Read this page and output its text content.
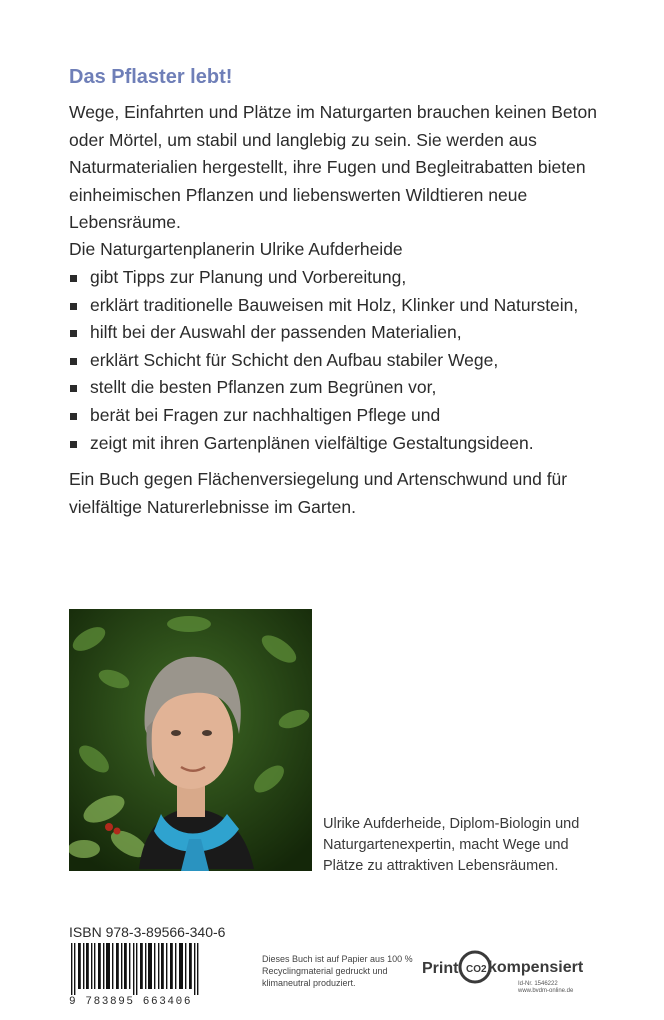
Das Pflaster lebt!

Wege, Einfahrten und Plätze im Naturgarten brauchen keinen Beton oder Mörtel, um stabil und langlebig zu sein. Sie werden aus Naturmaterialien hergestellt, ihre Fugen und Begleitrabatten bieten einheimischen Pflanzen und liebenswerten Wildtieren neue Lebensräume.

Die Naturgartenplanerin Ulrike Aufderheide

gibt Tipps zur Planung und Vorbereitung,
erklärt traditionelle Bauweisen mit Holz, Klinker und Naturstein,
hilft bei der Auswahl der passenden Materialien,
erklärt Schicht für Schicht den Aufbau stabiler Wege,
stellt die besten Pflanzen zum Begrünen vor,
berät bei Fragen zur nachhaltigen Pflege und
zeigt mit ihren Gartenplänen vielfältige Gestaltungsideen.

Ein Buch gegen Flächenversiegelung und Artenschwund und für vielfältige Naturerlebnisse im Garten.

Ulrike Aufderheide, Diplom-Biologin und Naturgartenexpertin, macht Wege und Plätze zu attraktiven Lebensräumen.

ISBN 978-3-89566-340-6
9 783895 663406

Dieses Buch ist auf Papier aus 100 % Recyclingmaterial gedruckt und klimaneutral produziert.

Print CO2 kompensiert
Id-Nr. 1546222
www.bvdm-online.de
